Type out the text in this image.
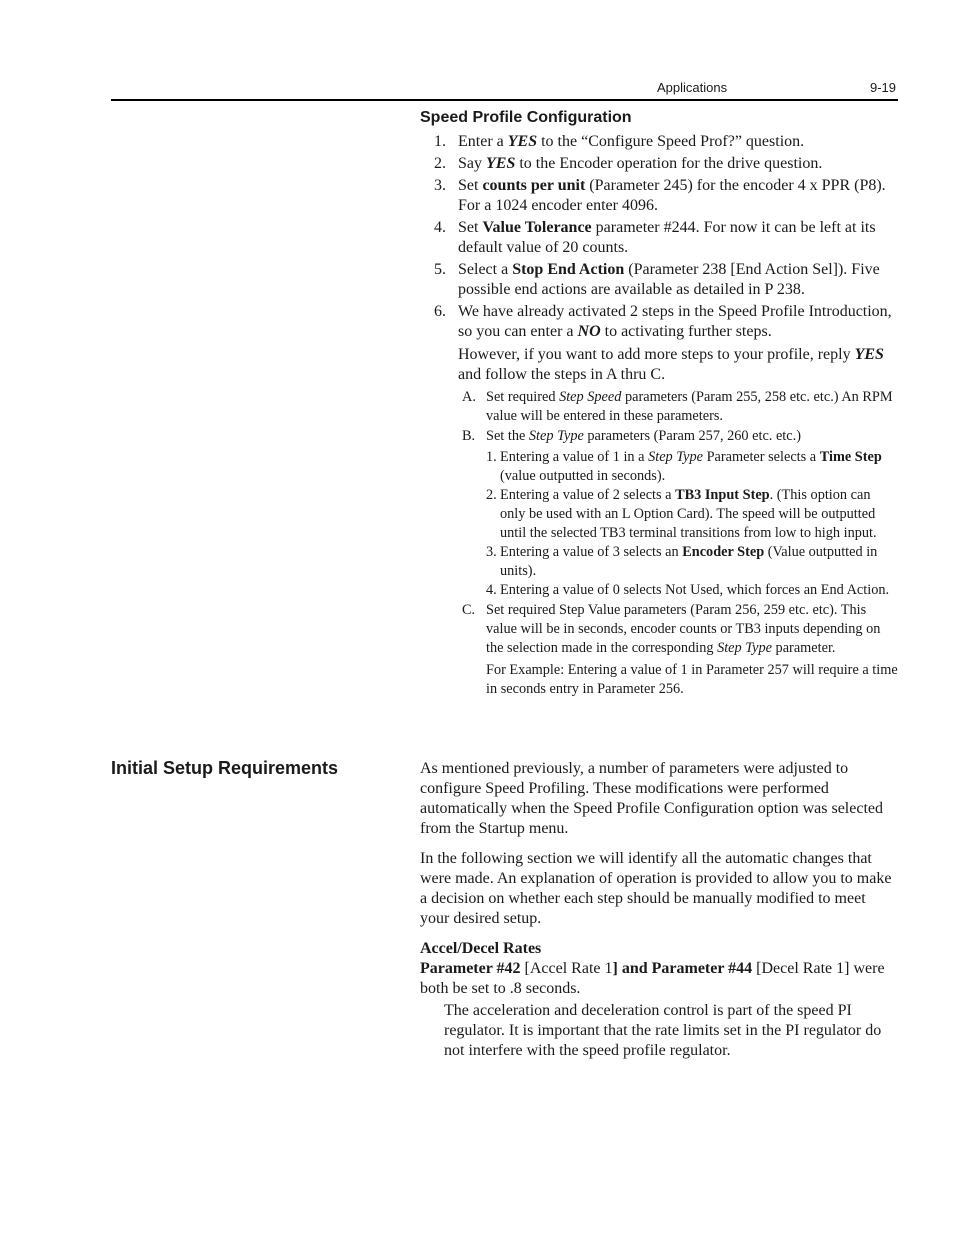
Applications	9-19
Speed Profile Configuration
1. Enter a YES to the “Configure Speed Prof?” question.
2. Say YES to the Encoder operation for the drive question.
3. Set counts per unit (Parameter 245) for the encoder 4 x PPR (P8). For a 1024 encoder enter 4096.
4. Set Value Tolerance parameter #244. For now it can be left at its default value of 20 counts.
5. Select a Stop End Action (Parameter 238 [End Action Sel]). Five possible end actions are available as detailed in P 238.
6. We have already activated 2 steps in the Speed Profile Introduction, so you can enter a NO to activating further steps.
However, if you want to add more steps to your profile, reply YES and follow the steps in A thru C.
A. Set required Step Speed parameters (Param 255, 258 etc. etc.) An RPM value will be entered in these parameters.
B. Set the Step Type parameters (Param 257, 260 etc. etc.)
1. Entering a value of 1 in a Step Type Parameter selects a Time Step (value outputted in seconds).
2. Entering a value of 2 selects a TB3 Input Step. (This option can only be used with an L Option Card). The speed will be outputted until the selected TB3 terminal transitions from low to high input.
3. Entering a value of 3 selects an Encoder Step (Value outputted in units).
4. Entering a value of 0 selects Not Used, which forces an End Action.
C. Set required Step Value parameters (Param 256, 259 etc. etc). This value will be in seconds, encoder counts or TB3 inputs depending on the selection made in the corresponding Step Type parameter.
For Example: Entering a value of 1 in Parameter 257 will require a time in seconds entry in Parameter 256.
Initial Setup Requirements	As mentioned previously, a number of parameters were adjusted to configure Speed Profiling. These modifications were performed automatically when the Speed Profile Configuration option was selected from the Startup menu.

In the following section we will identify all the automatic changes that were made. An explanation of operation is provided to allow you to make a decision on whether each step should be manually modified to meet your desired setup.

Accel/Decel Rates
Parameter #42 [Accel Rate 1] and Parameter #44 [Decel Rate 1] were both be set to .8 seconds.
The acceleration and deceleration control is part of the speed PI regulator. It is important that the rate limits set in the PI regulator do not interfere with the speed profile regulator.
